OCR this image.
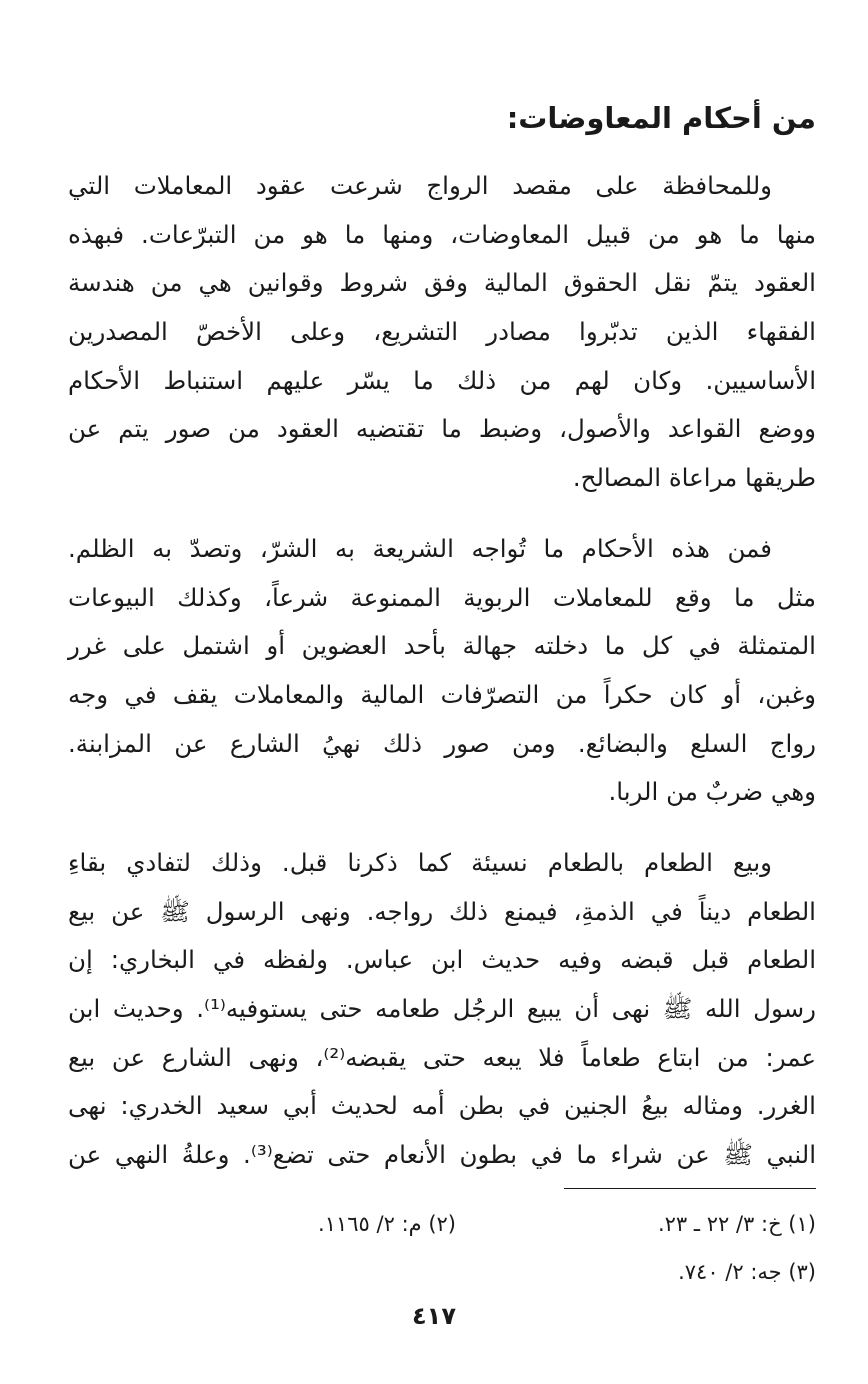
من أحكام المعاوضات:
وللمحافظة على مقصد الرواج شرعت عقود المعاملات التي
منها ما هو من قبيل المعاوضات، ومنها ما هو من التبرّعات. فبهذه
العقود يتمّ نقل الحقوق المالية وفق شروط وقوانين هي من هندسة
الفقهاء الذين تدبّروا مصادر التشريع، وعلى الأخصّ المصدرين
الأساسيين. وكان لهم من ذلك ما يسّر عليهم استنباط الأحكام
ووضع القواعد والأصول، وضبط ما تقتضيه العقود من صور يتم عن
طريقها مراعاة المصالح.
فمن هذه الأحكام ما تُواجه الشريعة به الشرّ، وتصدّ به الظلم.
مثل ما وقع للمعاملات الربوية الممنوعة شرعاً، وكذلك البيوعات
المتمثلة في كل ما دخلته جهالة بأحد العضوين أو اشتمل على غرر
وغبن، أو كان حكراً من التصرّفات المالية والمعاملات يقف في وجه
رواج السلع والبضائع. ومن صور ذلك نهيُ الشارع عن المزابنة.
وهي ضربٌ من الربا.
وبيع الطعام بالطعام نسيئة كما ذكرنا قبل. وذلك لتفادي بقاءِ
الطعام ديناً في الذمةِ، فيمنع ذلك رواجه. ونهى الرسول ﷺ عن بيع
الطعام قبل قبضه وفيه حديث ابن عباس. ولفظه في البخاري: إن
رسول الله ﷺ نهى أن يبيع الرجُل طعامه حتى يستوفيه⁽¹⁾. وحديث ابن
عمر: من ابتاع طعاماً فلا يبعه حتى يقبضه⁽²⁾، ونهى الشارع عن بيع
الغرر. ومثاله بيعُ الجنين في بطن أمه لحديث أبي سعيد الخدري: نهى
النبي ﷺ عن شراء ما في بطون الأنعام حتى تضع⁽³⁾. وعلةُ النهي عن
(١) خ: ٣/ ٢٢ ـ ٢٣.
(٢) م: ٢/ ١١٦٥.
(٣) جه: ٢/ ٧٤٠.
٤١٧
